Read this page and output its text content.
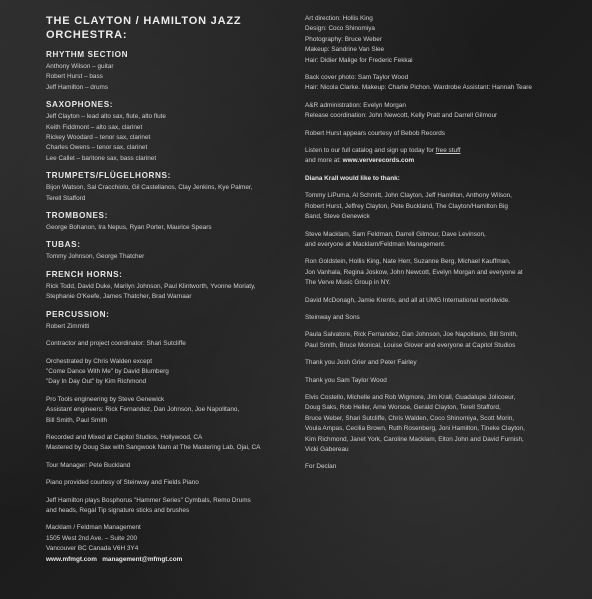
THE CLAYTON / HAMILTON JAZZ
ORCHESTRA:
RHYTHM SECTION

Anthony Wilson – guitar

Robert Hurst – bass

Jeff Hamilton – drums

SAXOPHONES:

Jeff Clayton – lead alto sax, flute, alto flute

Keith Fiddmont – alto sax, clarinet

Rickey Woodard – tenor sax, clarinet

Charles Owens – tenor sax, clarinet

Lee Callet – baritone sax, bass clarinet

TRUMPETS/FLÜGELHORNS:

Bijon Watson, Sal Cracchiolo, Gil Castellanos, Clay Jenkins, Kye Palmer,

Terell Stafford

TROMBONES:

George Bohanon, Ira Nepus, Ryan Porter, Maurice Spears

TUBAS:

Tommy Johnson, George Thatcher

FRENCH HORNS:

Rick Todd, David Duke, Marilyn Johnson, Paul Klintworth, Yvonne Moriaty,

Stephanie O'Keefe, James Thatcher, Brad Warnaar

PERCUSSION:

Robert Zimmitti

Contractor and project coordinator: Shari Sutcliffe

Orchestrated by Chris Walden except

"Come Dance With Me" by David Blumberg

"Day In Day Out" by Kim Richmond

Pro Tools engineering by Steve Genewick

Assistant engineers: Rick Fernandez, Dan Johnson, Joe Napolitano,

Bill Smith, Paul Smith

Recorded and Mixed at Capitol Studios, Hollywood, CA

Mastered by Doug Sax with Sangwook Nam at The Mastering Lab, Ojai, CA

Tour Manager: Pete Buckland

Piano provided courtesy of Steinway and Fields Piano

Jeff Hamilton plays Bosphorus "Hammer Series" Cymbals, Remo Drums

and heads, Regal Tip signature sticks and brushes

Macklam / Feldman Management

1505 West 2nd Ave. – Suite 200

Vancouver BC Canada V6H 3Y4

www.mfmgt.com   management@mfmgt.com

Art direction: Hollis King

Design: Coco Shinomiya

Photography: Bruce Weber

Makeup: Sandrine Van Slee

Hair: Didier Malige for Frederic Fekkai

Back cover photo: Sam Taylor Wood

Hair: Nicola Clarke. Makeup: Charlie Pichon. Wardrobe Assistant: Hannah Teare

A&R administration: Evelyn Morgan

Release coordination: John Newcott, Kelly Pratt and Darrell Gilmour

Robert Hurst appears courtesy of Bebob Records

Listen to our full catalog and sign up today for free stuff

and more at: www.ververecords.com

Diana Krall would like to thank:

Tommy LiPuma, Al Schmitt, John Clayton, Jeff Hamilton, Anthony Wilson,

Robert Hurst, Jeffrey Clayton, Pete Buckland, The Clayton/Hamilton Big

Band, Steve Genewick

Steve Macklam, Sam Feldman, Darrell Gilmour, Dave Levinson,

and everyone at Macklam/Feldman Management.

Ron Goldstein, Hollis King, Nate Herr, Suzanne Berg, Michael Kauffman,

Jon Vanhala, Regina Joskow, John Newcott, Evelyn Morgan and everyone at

The Verve Music Group in NY.

David McDonagh, Jamie Krents, and all at UMG International worldwide.

Steinway and Sons

Paula Salvatore, Rick Fernandez, Dan Johnson, Joe Napolitano, Bill Smith,

Paul Smith, Bruce Monical, Louise Glover and everyone at Capitol Studios

Thank you Josh Grier and Peter Fairley

Thank you Sam Taylor Wood

Elvis Costello, Michelle and Rob Wigmore, Jim Krall, Guadalupe Jolicoeur,

Doug Saks, Rob Heller, Arne Worsoe, Gerald Clayton, Terell Stafford,

Bruce Weber, Shari Sutcliffe, Chris Walden, Coco Shinomiya, Scott Morin,

Voula Ampas, Cecilia Brown, Ruth Rosenberg, Joni Hamilton, Tineke Clayton,

Kim Richmond, Janet York, Caroline Macklam, Elton John and David Furnish,

Vicki Gabereau

For Declan
